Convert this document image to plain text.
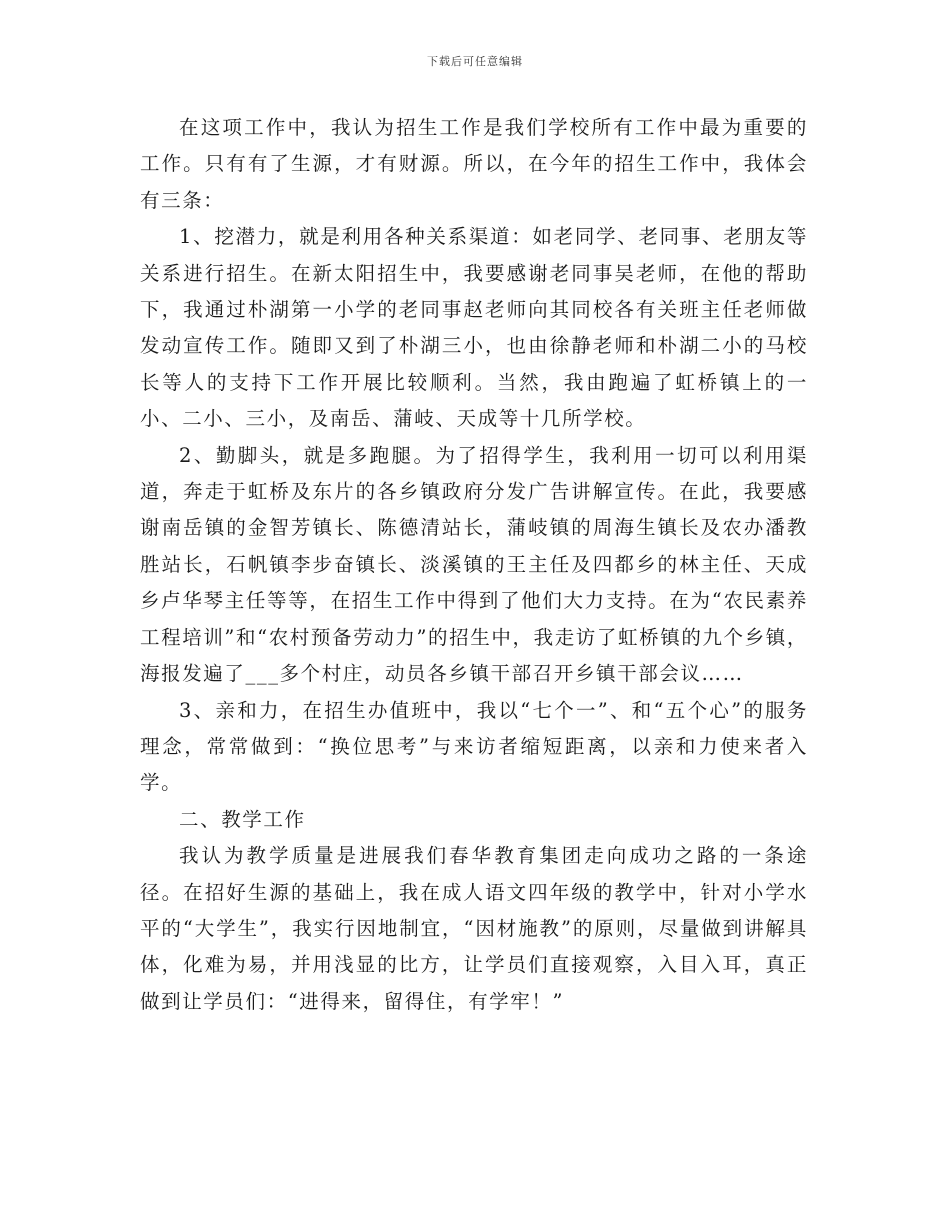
下载后可任意编辑

在这项工作中，我认为招生工作是我们学校所有工作中最为重要的工作。只有有了生源，才有财源。所以，在今年的招生工作中，我体会有三条：

1、挖潜力，就是利用各种关系渠道：如老同学、老同事、老朋友等关系进行招生。在新太阳招生中，我要感谢老同事吴老师，在他的帮助下，我通过朴湖第一小学的老同事赵老师向其同校各有关班主任老师做发动宣传工作。随即又到了朴湖三小，也由徐静老师和朴湖二小的马校长等人的支持下工作开展比较顺利。当然，我由跑遍了虹桥镇上的一小、二小、三小，及南岳、蒲岐、天成等十几所学校。

2、勤脚头，就是多跑腿。为了招得学生，我利用一切可以利用渠道，奔走于虹桥及东片的各乡镇政府分发广告讲解宣传。在此，我要感谢南岳镇的金智芳镇长、陈德清站长，蒲岐镇的周海生镇长及农办潘教胜站长，石帆镇李步奋镇长、淡溪镇的王主任及四都乡的林主任、天成乡卢华琴主任等等，在招生工作中得到了他们大力支持。在为“农民素养工程培训”和“农村预备劳动力”的招生中，我走访了虹桥镇的九个乡镇，海报发遍了___多个村庄，动员各乡镇干部召开乡镇干部会议……

3、亲和力，在招生办值班中，我以“七个一”、和“五个心”的服务理念，常常做到：“换位思考”与来访者缩短距离，以亲和力使来者入学。

二、教学工作

我认为教学质量是进展我们春华教育集团走向成功之路的一条途径。在招好生源的基础上，我在成人语文四年级的教学中，针对小学水平的“大学生”，我实行因地制宜，“因材施教”的原则，尽量做到讲解具体，化难为易，并用浅显的比方，让学员们直接观察，入目入耳，真正做到让学员们：“进得来，留得住，有学牢！”
